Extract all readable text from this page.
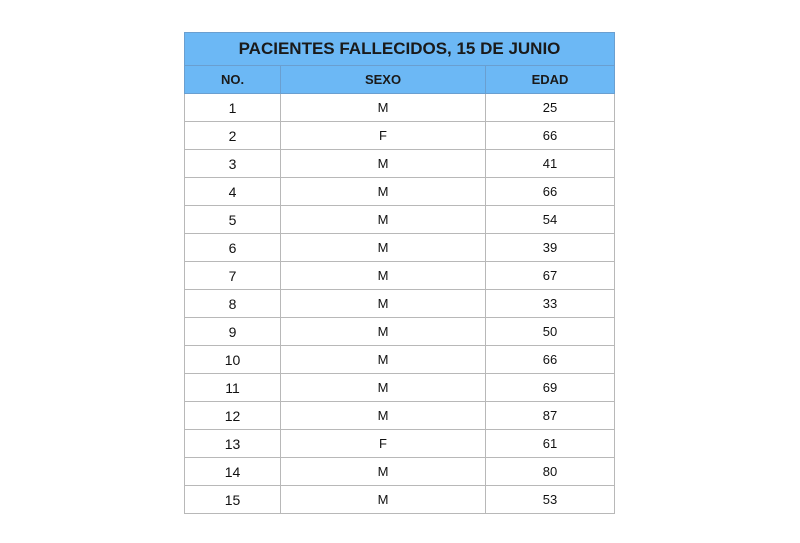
PACIENTES FALLECIDOS, 15 DE JUNIO		
NO.	SEXO	EDAD
1	M	25
2	F	66
3	M	41
4	M	66
5	M	54
6	M	39
7	M	67
8	M	33
9	M	50
10	M	66
11	M	69
12	M	87
13	F	61
14	M	80
15	M	53
